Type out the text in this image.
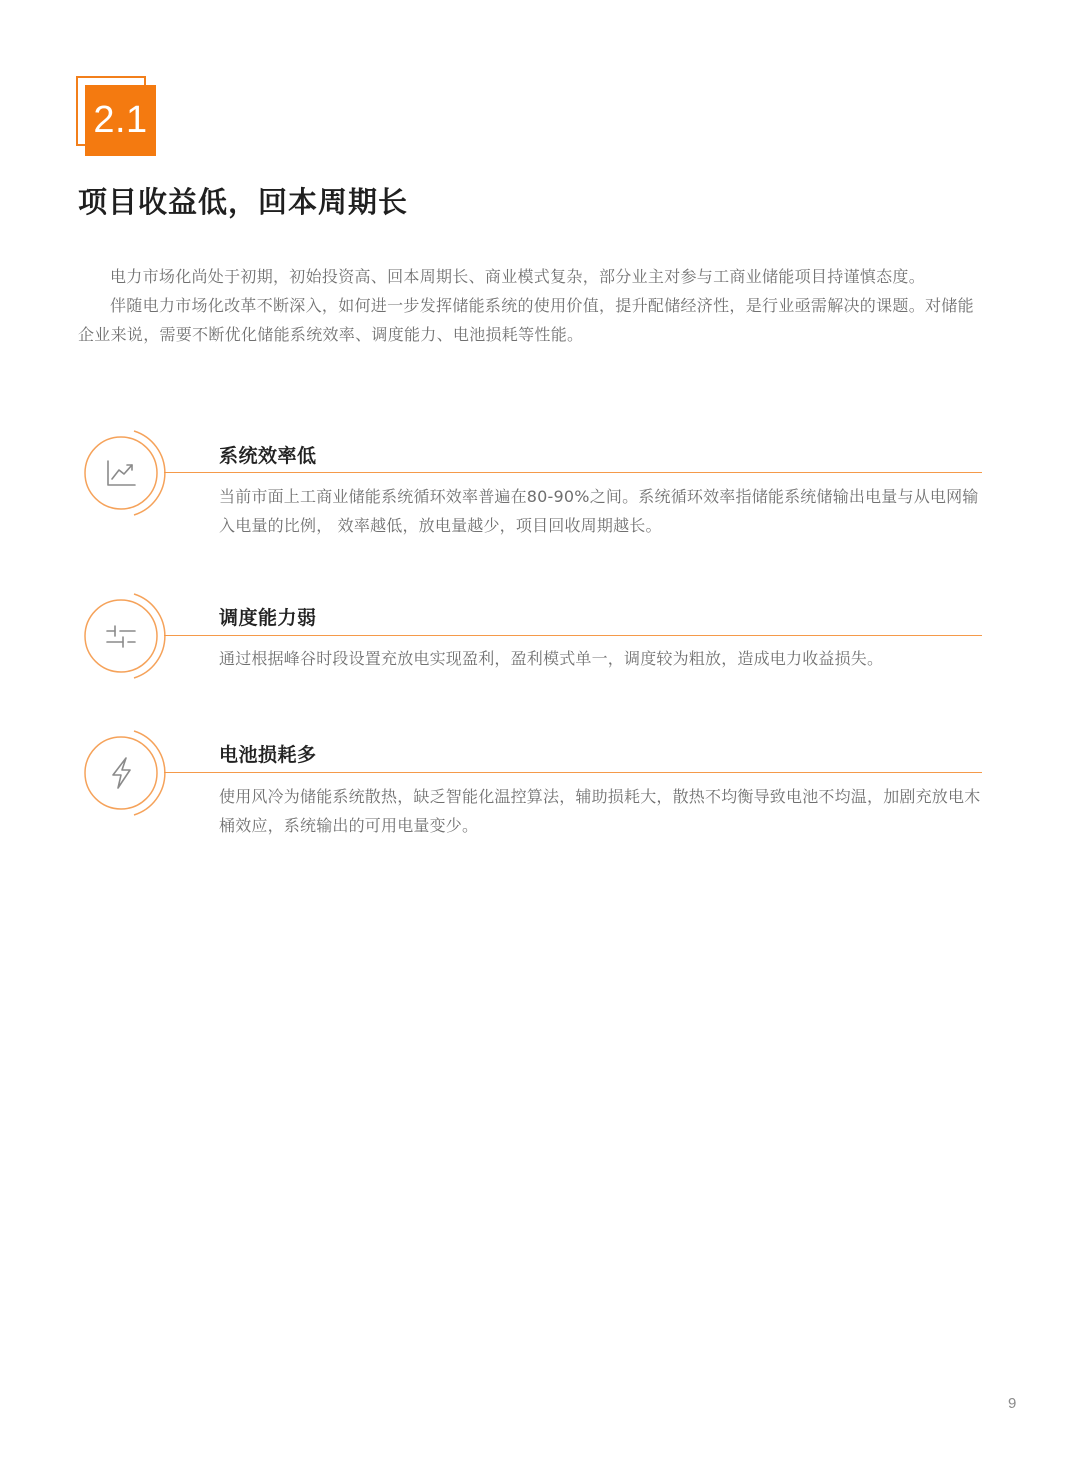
2.1
项目收益低，回本周期长

电力市场化尚处于初期，初始投资高、回本周期长、商业模式复杂，部分业主对参与工商业储能项目持谨慎态度。

伴随电力市场化改革不断深入，如何进一步发挥储能系统的使用价值，提升配储经济性，是行业亟需解决的课题。对储能企业来说，需要不断优化储能系统效率、调度能力、电池损耗等性能。

系统效率低

当前市面上工商业储能系统循环效率普遍在80-90%之间。系统循环效率指储能系统储输出电量与从电网输入电量的比例， 效率越低，放电量越少，项目回收周期越长。

调度能力弱

通过根据峰谷时段设置充放电实现盈利，盈利模式单一，调度较为粗放，造成电力收益损失。

电池损耗多

使用风冷为储能系统散热，缺乏智能化温控算法，辅助损耗大，散热不均衡导致电池不均温，加剧充放电木桶效应，系统输出的可用电量变少。

9
